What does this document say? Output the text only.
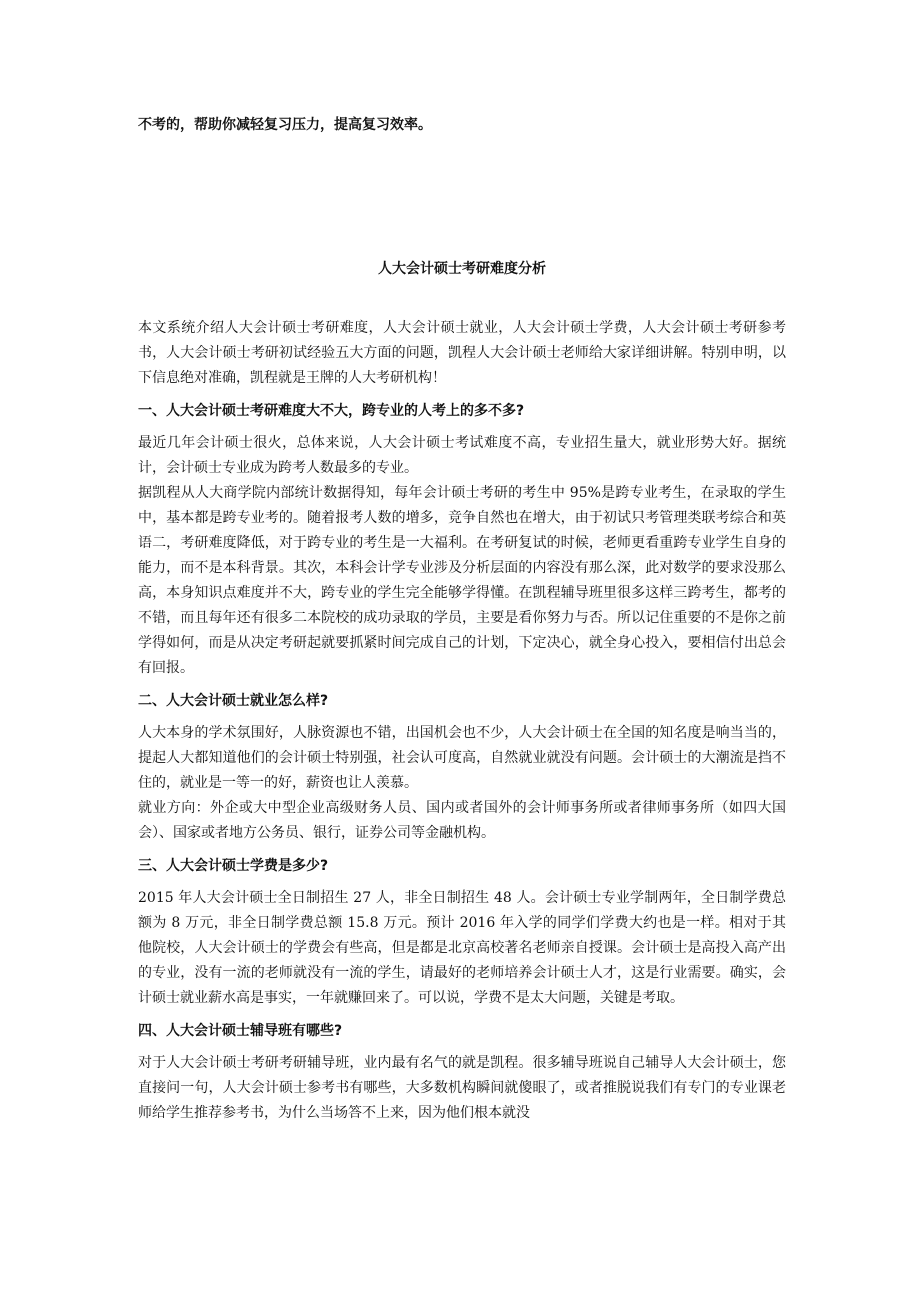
不考的，帮助你减轻复习压力，提高复习效率。
人大会计硕士考研难度分析

本文系统介绍人大会计硕士考研难度，人大会计硕士就业，人大会计硕士学费，人大会计硕士考研参考书，人大会计硕士考研初试经验五大方面的问题，凯程人大会计硕士老师给大家详细讲解。特别申明，以下信息绝对准确，凯程就是王牌的人大考研机构！

一、人大会计硕士考研难度大不大，跨专业的人考上的多不多?

最近几年会计硕士很火，总体来说，人大会计硕士考试难度不高，专业招生量大，就业形势大好。据统计，会计硕士专业成为跨考人数最多的专业。

据凯程从人大商学院内部统计数据得知，每年会计硕士考研的考生中 95%是跨专业考生，在录取的学生中，基本都是跨专业考的。随着报考人数的增多，竞争自然也在增大，由于初试只考管理类联考综合和英语二，考研难度降低，对于跨专业的考生是一大福利。在考研复试的时候，老师更看重跨专业学生自身的能力，而不是本科背景。其次，本科会计学专业涉及分析层面的内容没有那么深，此对数学的要求没那么高，本身知识点难度并不大，跨专业的学生完全能够学得懂。在凯程辅导班里很多这样三跨考生，都考的不错，而且每年还有很多二本院校的成功录取的学员，主要是看你努力与否。所以记住重要的不是你之前学得如何，而是从决定考研起就要抓紧时间完成自己的计划，下定决心，就全身心投入，要相信付出总会有回报。

二、人大会计硕士就业怎么样?

人大本身的学术氛围好，人脉资源也不错，出国机会也不少，人大会计硕士在全国的知名度是响当当的，提起人大都知道他们的会计硕士特别强，社会认可度高，自然就业就没有问题。会计硕士的大潮流是挡不住的，就业是一等一的好，薪资也让人羡慕。

就业方向：外企或大中型企业高级财务人员、国内或者国外的会计师事务所或者律师事务所（如四大国会）、国家或者地方公务员、银行，证券公司等金融机构。

三、人大会计硕士学费是多少?

2015 年人大会计硕士全日制招生 27 人，非全日制招生 48 人。会计硕士专业学制两年，全日制学费总额为 8 万元，非全日制学费总额 15.8 万元。预计 2016 年入学的同学们学费大约也是一样。相对于其他院校，人大会计硕士的学费会有些高，但是都是北京高校著名老师亲自授课。会计硕士是高投入高产出的专业，没有一流的老师就没有一流的学生，请最好的老师培养会计硕士人才，这是行业需要。确实，会计硕士就业薪水高是事实，一年就赚回来了。可以说，学费不是太大问题，关键是考取。

四、人大会计硕士辅导班有哪些?

对于人大会计硕士考研考研辅导班，业内最有名气的就是凯程。很多辅导班说自己辅导人大会计硕士，您直接问一句，人大会计硕士参考书有哪些，大多数机构瞬间就傻眼了，或者推脱说我们有专门的专业课老师给学生推荐参考书，为什么当场答不上来，因为他们根本就没
